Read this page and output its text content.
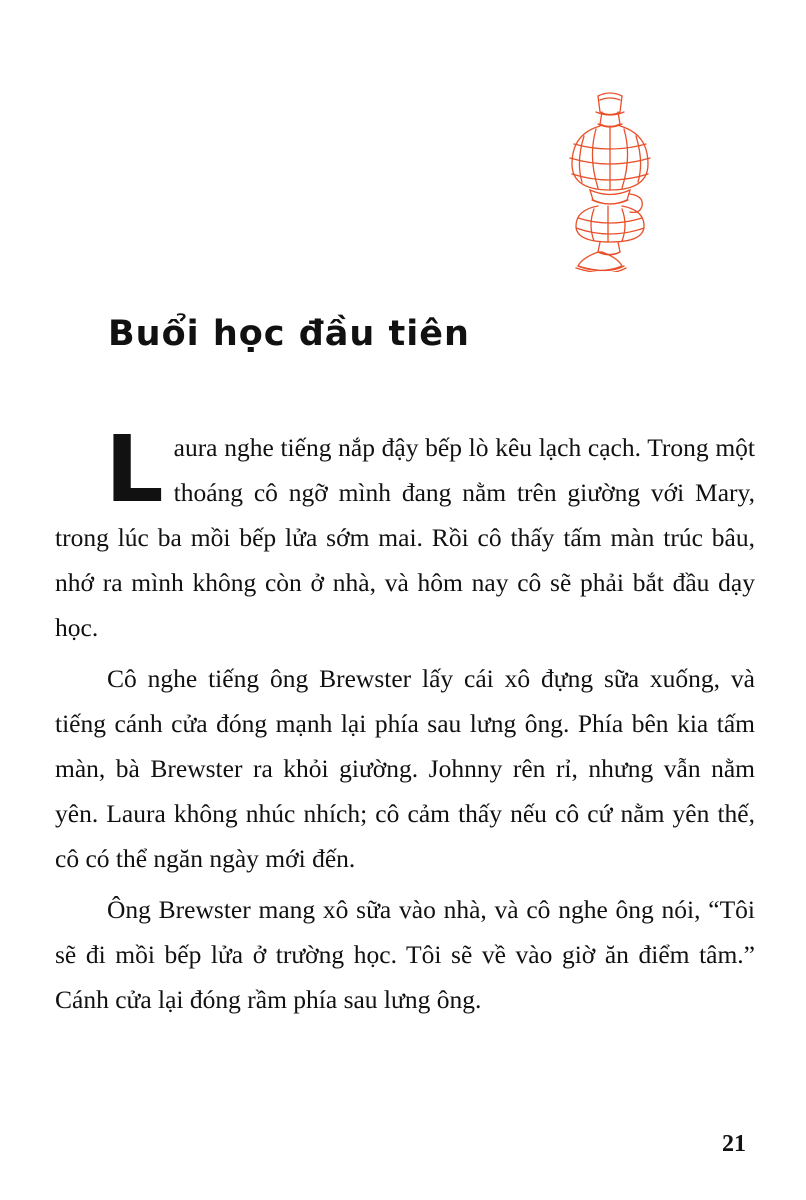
Buổi học đầu tiên

Laura nghe tiếng nắp đậy bếp lò kêu lạch cạch. Trong một thoáng cô ngỡ mình đang nằm trên giường với Mary, trong lúc ba mồi bếp lửa sớm mai. Rồi cô thấy tấm màn trúc bâu, nhớ ra mình không còn ở nhà, và hôm nay cô sẽ phải bắt đầu dạy học.

Cô nghe tiếng ông Brewster lấy cái xô đựng sữa xuống, và tiếng cánh cửa đóng mạnh lại phía sau lưng ông. Phía bên kia tấm màn, bà Brewster ra khỏi giường. Johnny rên rỉ, nhưng vẫn nằm yên. Laura không nhúc nhích; cô cảm thấy nếu cô cứ nằm yên thế, cô có thể ngăn ngày mới đến.

Ông Brewster mang xô sữa vào nhà, và cô nghe ông nói, “Tôi sẽ đi mồi bếp lửa ở trường học. Tôi sẽ về vào giờ ăn điểm tâm.” Cánh cửa lại đóng rầm phía sau lưng ông.

21
